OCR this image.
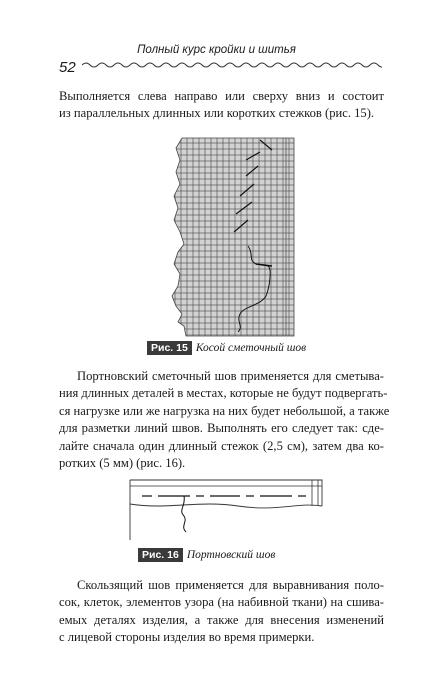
52
Полный курс кройки и шитья

Выполняется слева направо или сверху вниз и состоит
из параллельных длинных или коротких стежков (рис. 15).

Рис. 15 Косой сметочный шов

Портновский сметочный шов применяется для сметыва-
ния длинных деталей в местах, которые не будут подвергать-
ся нагрузке или же нагрузка на них будет небольшой, а также
для разметки линий швов. Выполнять его следует так: сде-
лайте сначала один длинный стежок (2,5 см), затем два ко-
ротких (5 мм) (рис. 16).

Рис. 16 Портновский шов

Скользящий шов применяется для выравнивания поло-
сок, клеток, элементов узора (на набивной ткани) на сшива-
емых деталях изделия, а также для внесения изменений
с лицевой стороны изделия во время примерки.
